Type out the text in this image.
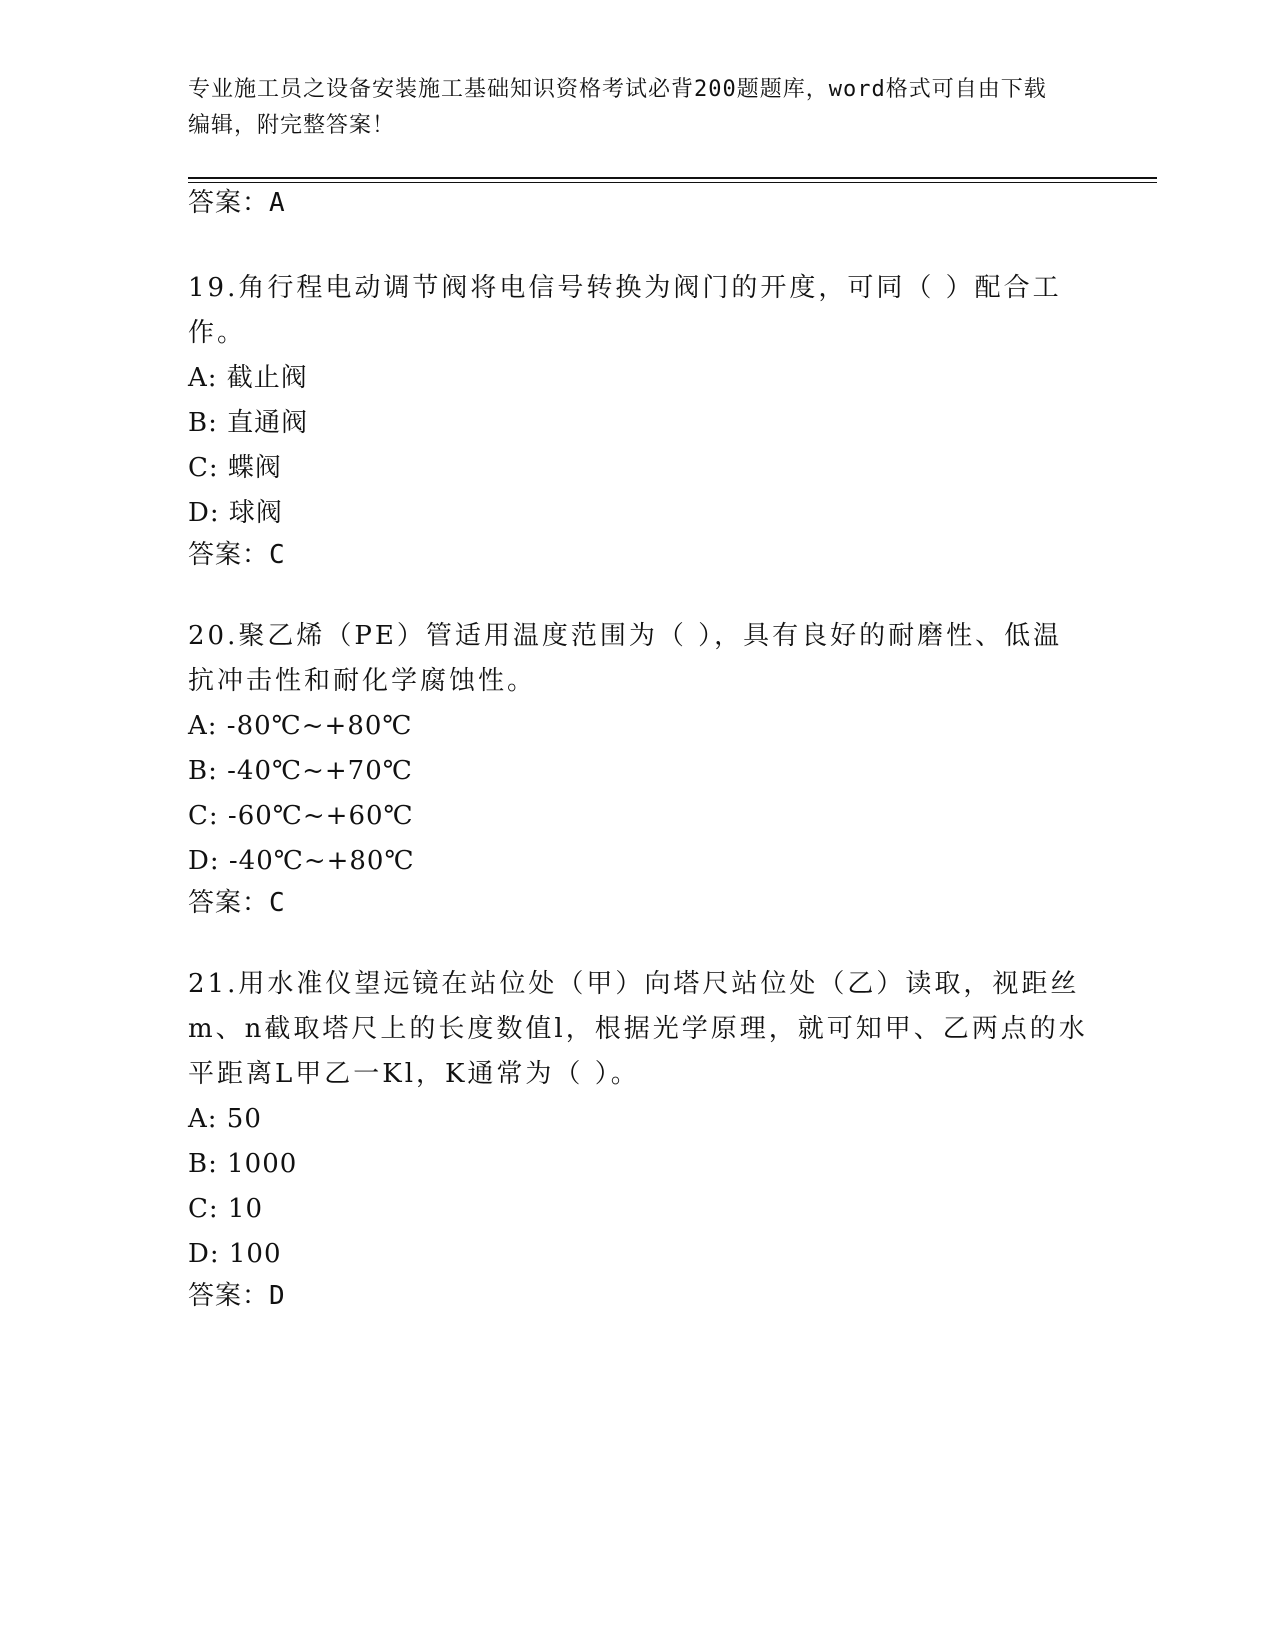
专业施工员之设备安装施工基础知识资格考试必背200题题库，word格式可自由下载编辑，附完整答案！
答案：A

19.角行程电动调节阀将电信号转换为阀门的开度，可同（ ）配合工作。

A: 截止阀

B: 直通阀

C: 蝶阀

D: 球阀

答案：C

20.聚乙烯（PE）管适用温度范围为（ ），具有良好的耐磨性、低温抗冲击性和耐化学腐蚀性。

A: -80℃~+80℃

B: -40℃~+70℃

C: -60℃~+60℃

D: -40℃~+80℃

答案：C

21.用水准仪望远镜在站位处（甲）向塔尺站位处（乙）读取，视距丝m、n截取塔尺上的长度数值l，根据光学原理，就可知甲、乙两点的水平距离L甲乙一Kl，K通常为（ ）。

A: 50

B: 1000

C: 10

D: 100

答案：D
